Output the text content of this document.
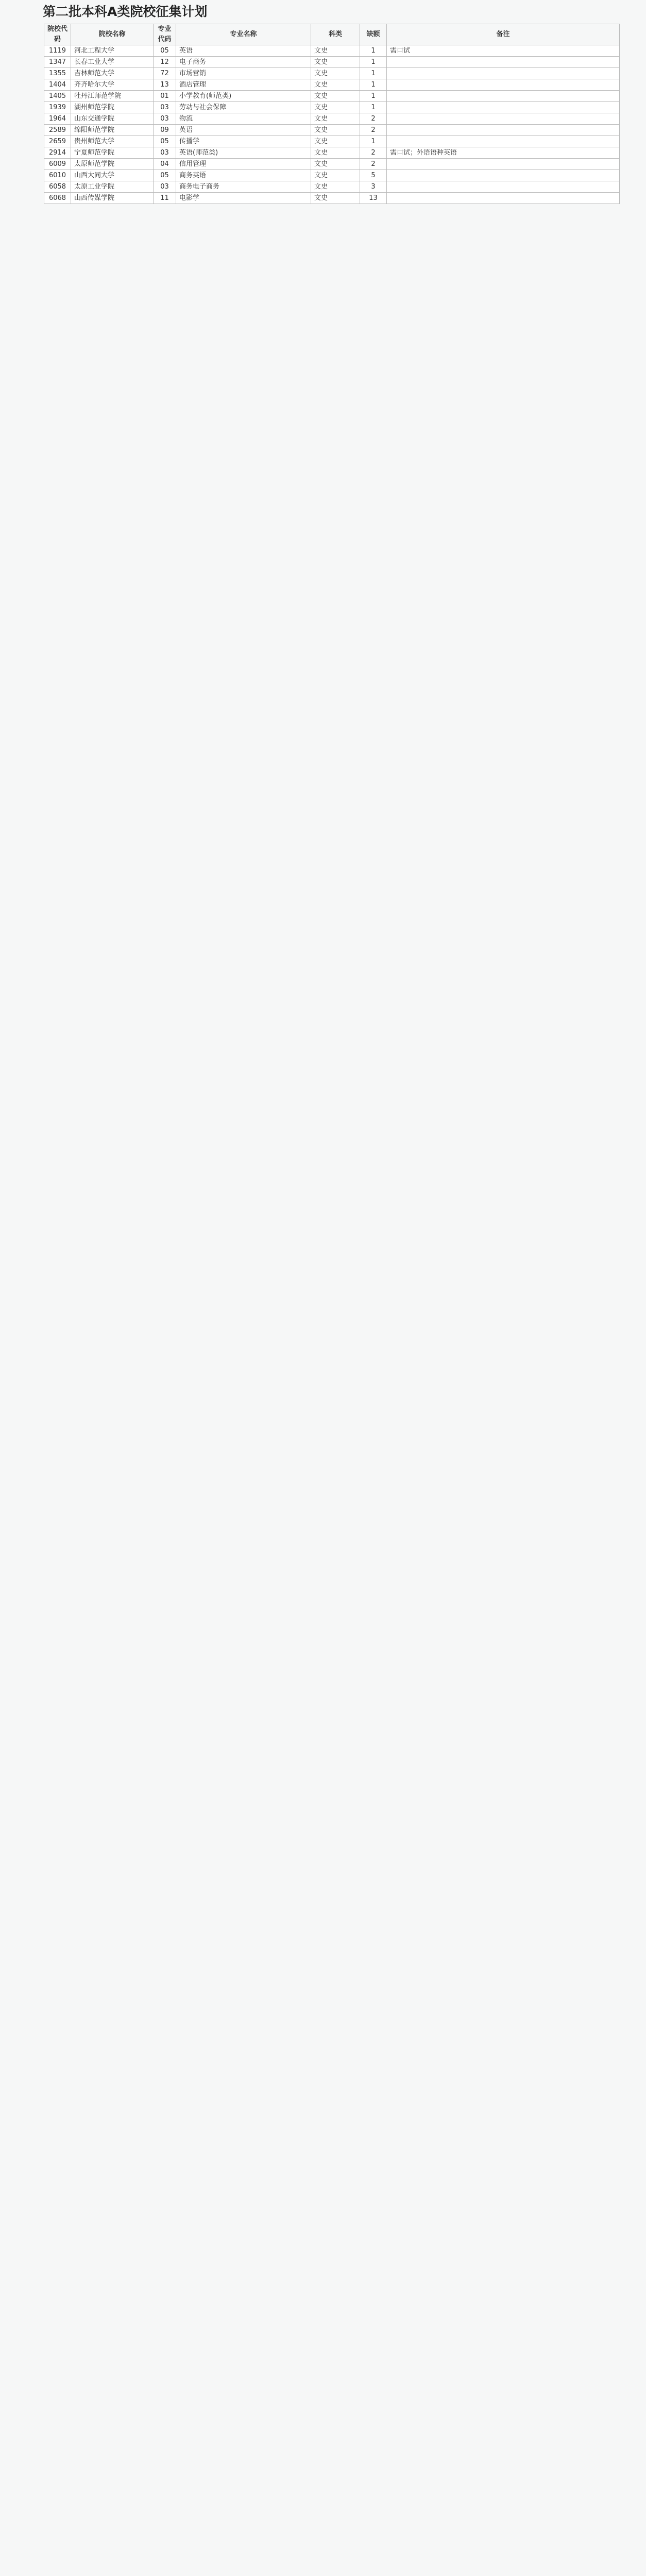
第二批本科A类院校征集计划
院校代码	院校名称	专业代码	专业名称	科类	缺额	备注
1119	河北工程大学	05	英语	文史	1	需口试
1347	长春工业大学	12	电子商务	文史	1	
1355	吉林师范大学	72	市场营销	文史	1	
1404	齐齐哈尔大学	13	酒店管理	文史	1	
1405	牡丹江师范学院	01	小学教育(师范类)	文史	1	
1939	湖州师范学院	03	劳动与社会保障	文史	1	
1964	山东交通学院	03	物流	文史	2	
2589	绵阳师范学院	09	英语	文史	2	
2659	贵州师范大学	05	传播学	文史	1	
2914	宁夏师范学院	03	英语(师范类)	文史	2	需口试；外语语种英语
6009	太原师范学院	04	信用管理	文史	2	
6010	山西大同大学	05	商务英语	文史	5	
6058	太原工业学院	03	商务电子商务	文史	3	
6068	山西传媒学院	11	电影学	文史	13	
